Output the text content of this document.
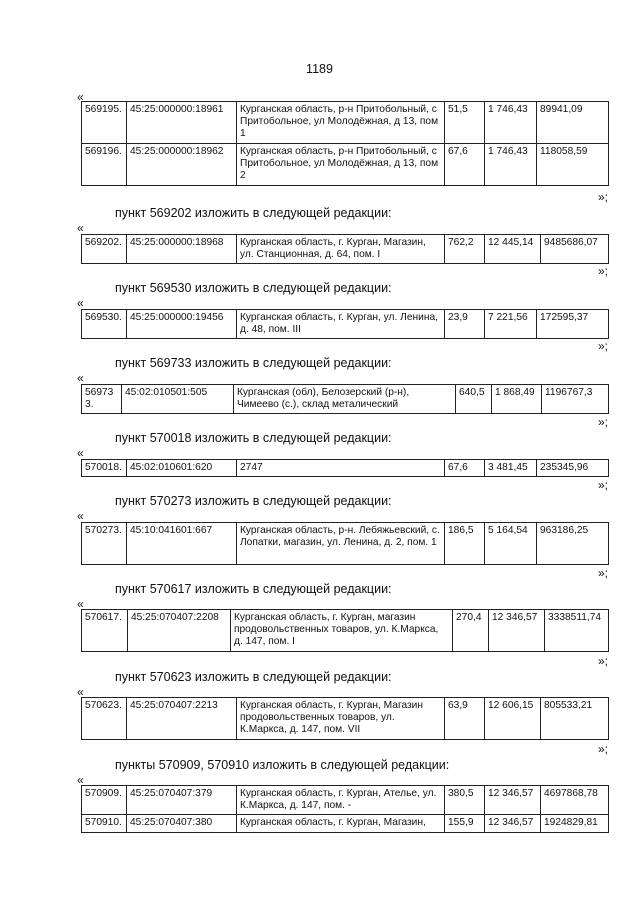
1189
«
569195.	45:25:000000:18961	Курганская область, р-н Притобольный, с Притобольное, ул Молодёжная, д 13, пом 1	51,5	1 746,43	89941,09
569196.	45:25:000000:18962	Курганская область, р-н Притобольный, с Притобольное, ул Молодёжная, д 13, пом 2	67,6	1 746,43	118058,59
»;
пункт 569202 изложить в следующей редакции:
«
569202.	45:25:000000:18968	Курганская область, г. Курган, Магазин, ул. Станционная, д. 64, пом. I	762,2	12 445,14	9485686,07
»;
пункт 569530 изложить в следующей редакции:
«
569530.	45:25:000000:19456	Курганская область, г. Курган, ул. Ленина, д. 48, пом. III	23,9	7 221,56	172595,37
»;
пункт 569733 изложить в следующей редакции:
«
569733.	45:02:010501:505	Курганская (обл), Белозерский (р-н), Чимеево (с.), склад металический	640,5	1 868,49	1196767,3
»;
пункт 570018 изложить в следующей редакции:
«
570018.	45:02:010601:620	2747	67,6	3 481,45	235345,96
»;
пункт 570273 изложить в следующей редакции:
«
570273.	45:10:041601:667	Курганская область, р-н. Лебяжьевский, с. Лопатки, магазин, ул. Ленина, д. 2, пом. 1	186,5	5 164,54	963186,25
»;
пункт 570617 изложить в следующей редакции:
«
570617.	45:25:070407:2208	Курганская область, г. Курган, магазин продовольственных товаров, ул. К.Маркса, д. 147, пом. I	270,4	12 346,57	3338511,74
»;
пункт 570623 изложить в следующей редакции:
«
570623.	45:25:070407:2213	Курганская область, г. Курган, Магазин продовольственных товаров, ул. К.Маркса, д. 147, пом. VII	63,9	12 606,15	805533,21
»;
пункты 570909, 570910 изложить в следующей редакции:
«
570909.	45:25:070407:379	Курганская область, г. Курган, Ателье, ул. К.Маркса, д. 147, пом. -	380,5	12 346,57	4697868,78
570910.	45:25:070407:380	Курганская область, г. Курган, Магазин,	155,9	12 346,57	1924829,81
